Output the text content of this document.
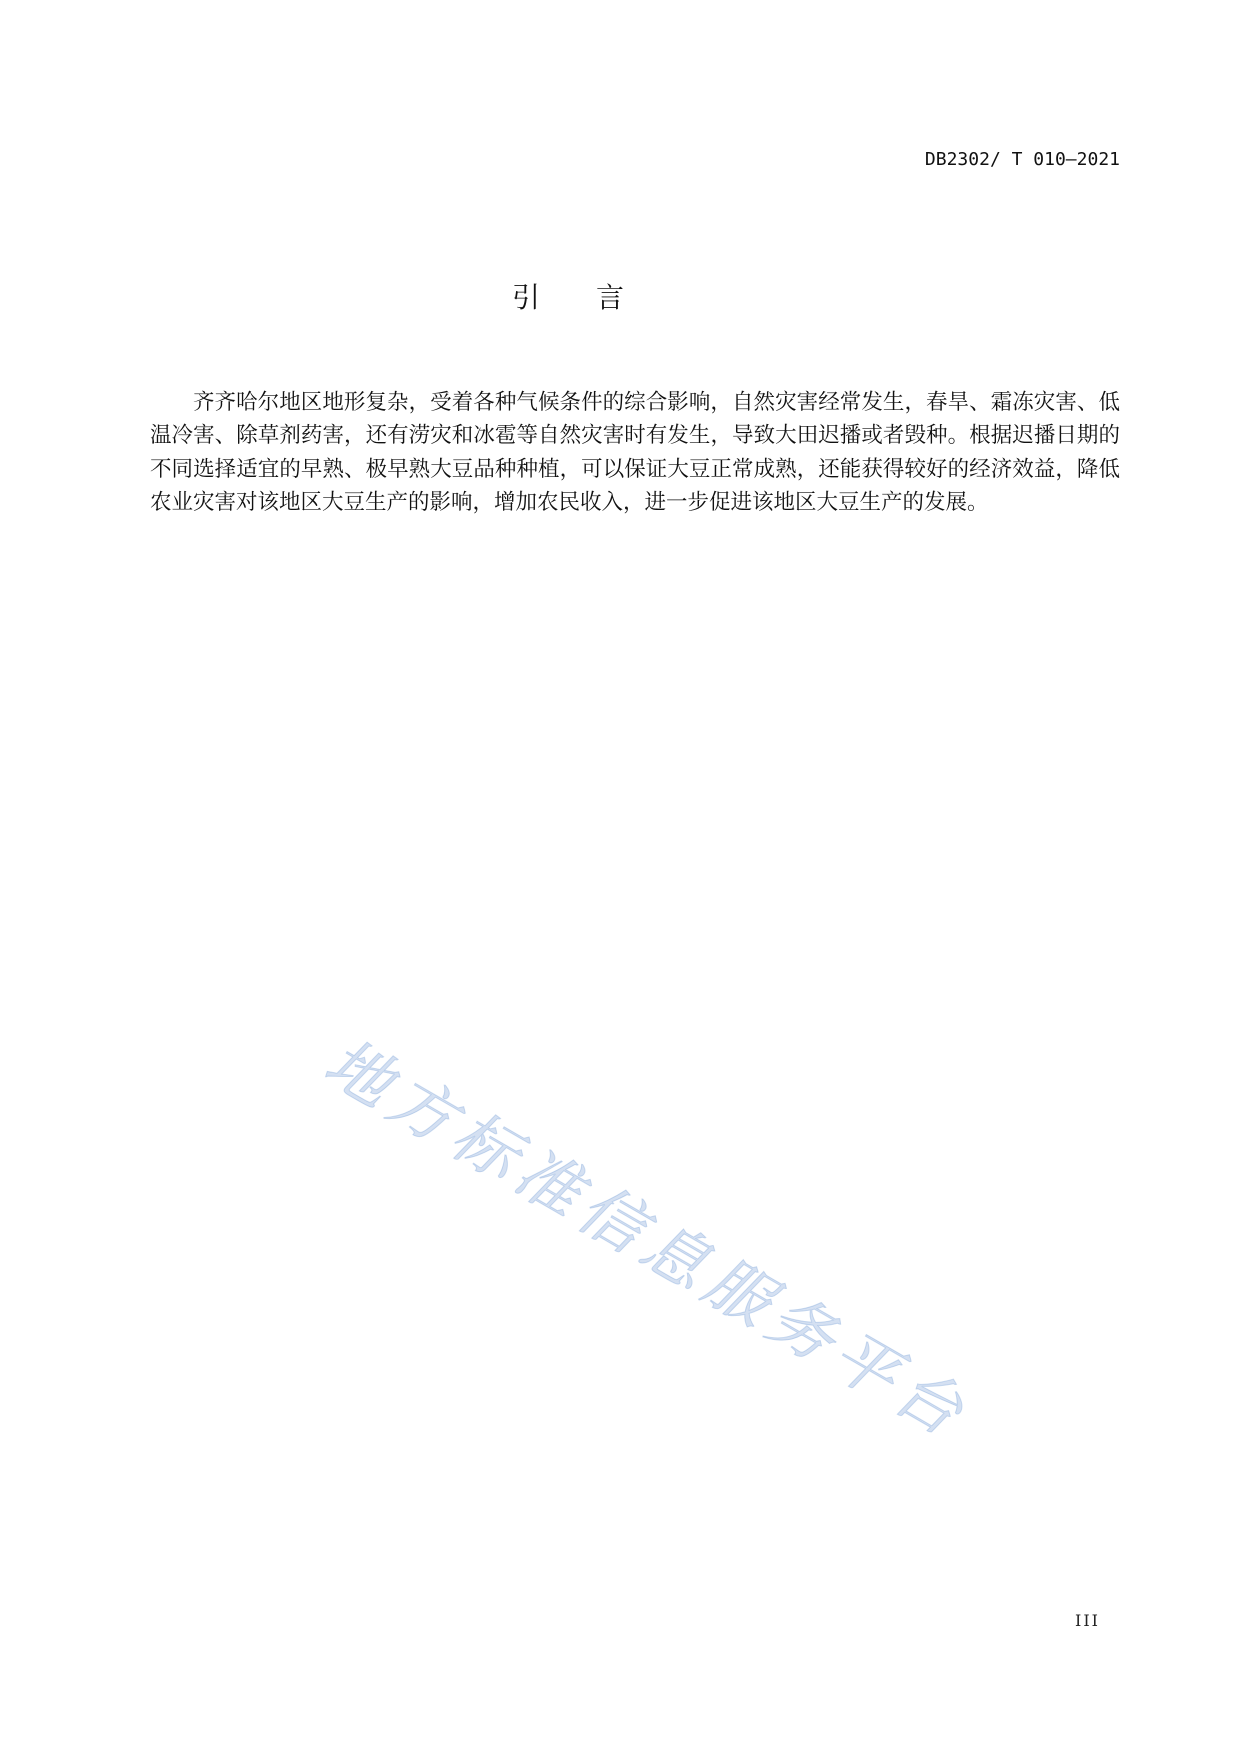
DB2302/ T 010—2021
引　　言
齐齐哈尔地区地形复杂，受着各种气候条件的综合影响，自然灾害经常发生，春旱、霜冻灾害、低
温冷害、除草剂药害，还有涝灾和冰雹等自然灾害时有发生，导致大田迟播或者毁种。根据迟播日期的
不同选择适宜的早熟、极早熟大豆品种种植，可以保证大豆正常成熟，还能获得较好的经济效益，降低
农业灾害对该地区大豆生产的影响，增加农民收入，进一步促进该地区大豆生产的发展。
地方标准信息服务平台
III
